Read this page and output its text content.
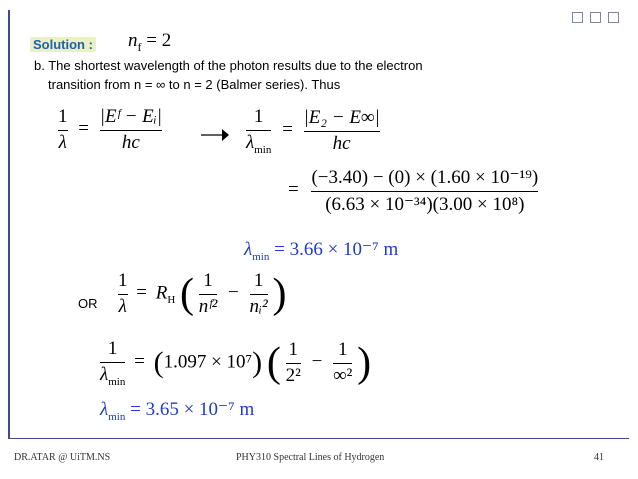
Solution : $n_f = 2$
b. The shortest wavelength of the photon results due to the electron
transition from n = ∞ to n = 2 (Balmer series). Thus
$\frac{1}{\lambda} = \frac{\text{|Eᶠ − Eᵢ|}}{hc}$	$\frac{1}{\lambda_{min}} = \frac{\text{|E₂ − E∞|}}{hc}$
= $\frac{\text{(−3.40) − (0) × (1.60 × 10⁻¹⁹)}}{\text{(6.63 × 10⁻³⁴)(3.00 × 10⁸)}}$
$\lambda_{min} = 3.66 \times 10^{-7}$ m
OR $\frac{1}{\lambda} = R_H$ ( $\frac{1}{\text{nᶠ²}} - \frac{1}{\text{nᵢ²}}$ )
$\frac{1}{\lambda_{min}} = (1.097 \times 10^7)$ ( $\frac{1}{\text{2²}} - \frac{1}{\text{∞²}}$ )
$\lambda_{min} = 3.65 \times 10^{-7}$ m
DR.ATAR @ UiTM.NS	PHY310 Spectral Lines of Hydrogen	41
